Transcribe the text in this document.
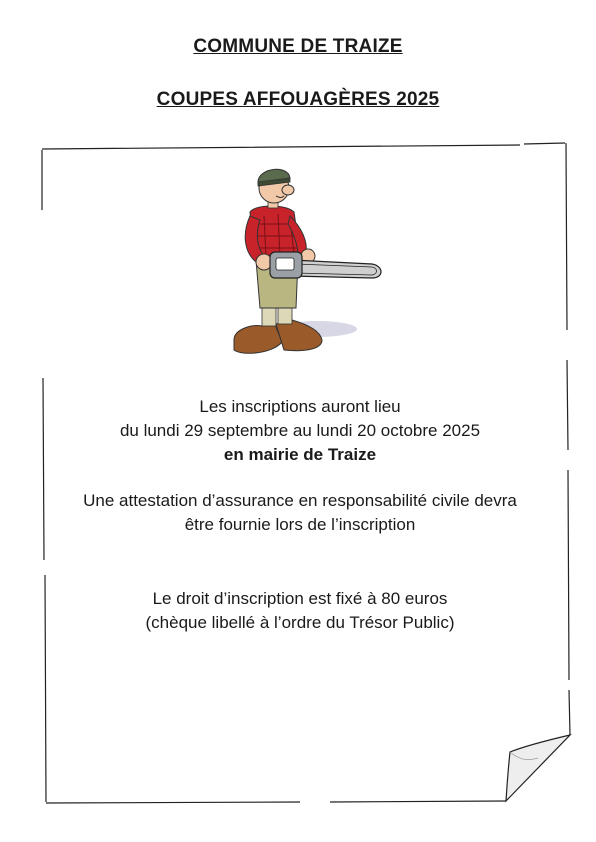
COMMUNE DE TRAIZE
COUPES AFFOUAGÈRES 2025
Les inscriptions auront lieu
du lundi 29 septembre au lundi 20 octobre 2025
en mairie de Traize
Une attestation d’assurance en responsabilité civile devra
être fournie lors de l’inscription
Le droit d’inscription est fixé à 80 euros
(chèque libellé à l’ordre du Trésor Public)
